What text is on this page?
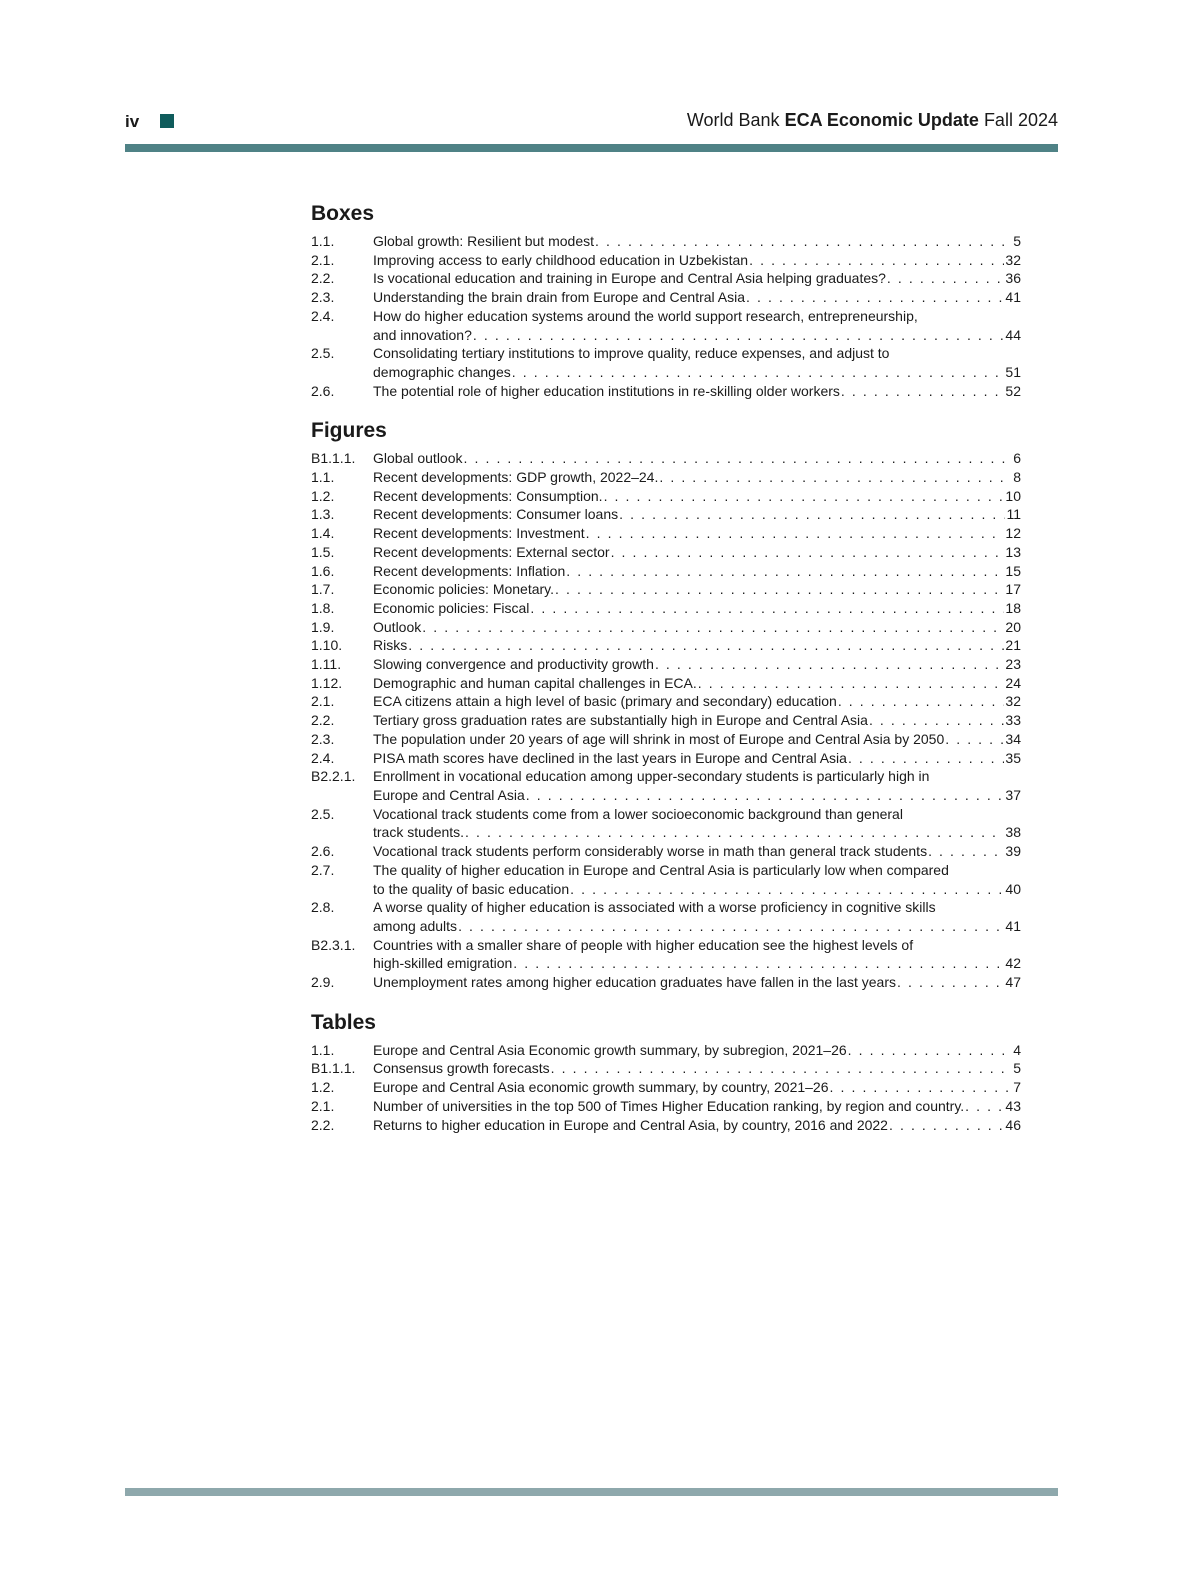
iv	World Bank ECA Economic Update Fall 2024
Boxes
1.1.	Global growth: Resilient but modest . . .	5
2.1.	Improving access to early childhood education in Uzbekistan . . .	32
2.2.	Is vocational education and training in Europe and Central Asia helping graduates? . . .	36
2.3.	Understanding the brain drain from Europe and Central Asia . . .	41
2.4.	How do higher education systems around the world support research, entrepreneurship,
and innovation? . . .	44
2.5.	Consolidating tertiary institutions to improve quality, reduce expenses, and adjust to
demographic changes . . .	51
2.6.	The potential role of higher education institutions in re-skilling older workers . . .	52
Figures
B1.1.1. Global outlook . . .	6
1.1.	Recent developments: GDP growth, 2022–24. . . .	8
1.2.	Recent developments: Consumption. . . .	10
1.3.	Recent developments: Consumer loans . . .	11
1.4.	Recent developments: Investment . . .	12
1.5.	Recent developments: External sector . . .	13
1.6.	Recent developments: Inflation . . .	15
1.7.	Economic policies: Monetary. . . .	17
1.8.	Economic policies: Fiscal . . .	18
1.9.	Outlook . . .	20
1.10. Risks . . .	21
1.11. Slowing convergence and productivity growth . . .	23
1.12. Demographic and human capital challenges in ECA. . . .	24
2.1.	ECA citizens attain a high level of basic (primary and secondary) education . . .	32
2.2.	Tertiary gross graduation rates are substantially high in Europe and Central Asia . . .	33
2.3.	The population under 20 years of age will shrink in most of Europe and Central Asia by 2050 . . .	34
2.4.	PISA math scores have declined in the last years in Europe and Central Asia . . .	35
B2.2.1. Enrollment in vocational education among upper-secondary students is particularly high in
Europe and Central Asia . . .	37
2.5.	Vocational track students come from a lower socioeconomic background than general
track students. . . .	38
2.6.	Vocational track students perform considerably worse in math than general track students . . .	39
2.7.	The quality of higher education in Europe and Central Asia is particularly low when compared
to the quality of basic education . . .	40
2.8.	A worse quality of higher education is associated with a worse proficiency in cognitive skills
among adults . . .	41
B2.3.1. Countries with a smaller share of people with higher education see the highest levels of
high-skilled emigration . . .	42
2.9.	Unemployment rates among higher education graduates have fallen in the last years . . .	47
Tables
1.1.	Europe and Central Asia Economic growth summary, by subregion, 2021–26 . . .	4
B1.1.1. Consensus growth forecasts . . .	5
1.2.	Europe and Central Asia economic growth summary, by country, 2021–26 . . .	7
2.1.	Number of universities in the top 500 of Times Higher Education ranking, by region and country. . . .	43
2.2.	Returns to higher education in Europe and Central Asia, by country, 2016 and 2022 . . .	46
